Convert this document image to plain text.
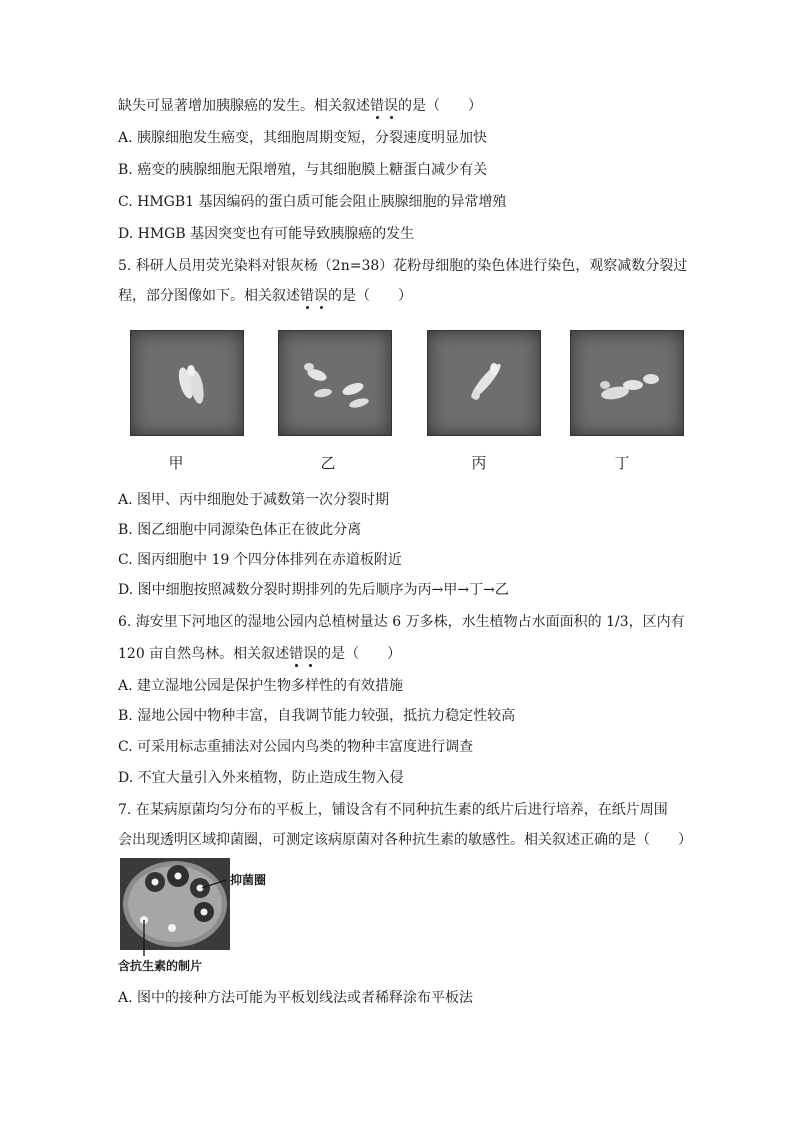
缺失可显著增加胰腺癌的发生。相关叙述错误的是（　　）
A. 胰腺细胞发生癌变，其细胞周期变短，分裂速度明显加快
B. 癌变的胰腺细胞无限增殖，与其细胞膜上糖蛋白减少有关
C. HMGB1 基因编码的蛋白质可能会阻止胰腺细胞的异常增殖
D. HMGB 基因突变也有可能导致胰腺癌的发生
5. 科研人员用荧光染料对银灰杨（2n=38）花粉母细胞的染色体进行染色，观察减数分裂过
程，部分图像如下。相关叙述错误的是（　　）
甲	乙	丙	丁
A. 图甲、丙中细胞处于减数第一次分裂时期
B. 图乙细胞中同源染色体正在彼此分离
C. 图丙细胞中 19 个四分体排列在赤道板附近
D. 图中细胞按照减数分裂时期排列的先后顺序为丙→甲→丁→乙
6. 海安里下河地区的湿地公园内总植树量达 6 万多株，水生植物占水面面积的 1/3，区内有
120 亩自然鸟林。相关叙述错误的是（　　）
A. 建立湿地公园是保护生物多样性的有效措施
B. 湿地公园中物种丰富，自我调节能力较强，抵抗力稳定性较高
C. 可采用标志重捕法对公园内鸟类的物种丰富度进行调查
D. 不宜大量引入外来植物，防止造成生物入侵
7. 在某病原菌均匀分布的平板上，铺设含有不同种抗生素的纸片后进行培养，在纸片周围
会出现透明区域抑菌圈，可测定该病原菌对各种抗生素的敏感性。相关叙述正确的是（　　）
抑菌圈
含抗生素的制片
A. 图中的接种方法可能为平板划线法或者稀释涂布平板法
